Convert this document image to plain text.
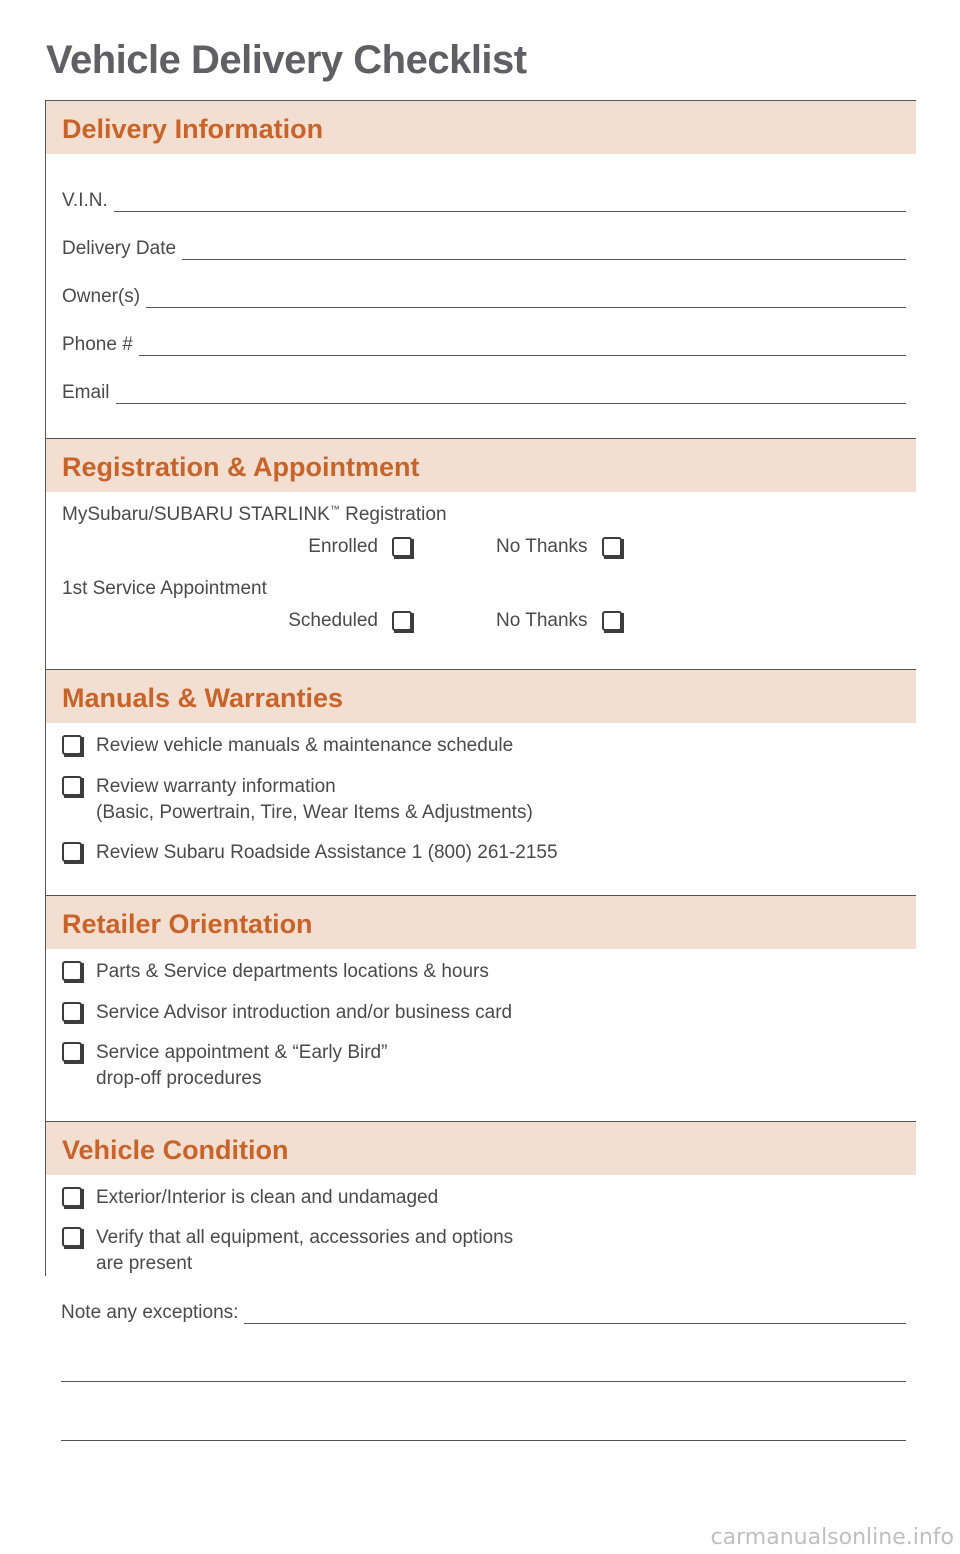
Vehicle Delivery Checklist
Delivery Information
V.I.N.
Delivery Date
Owner(s)
Phone #
Email
Registration & Appointment
MySubaru/SUBARU STARLINK™ Registration
Enrolled	No Thanks
1st Service Appointment
Scheduled	No Thanks
Manuals & Warranties
Review vehicle manuals & maintenance schedule
Review warranty information
(Basic, Powertrain, Tire, Wear Items & Adjustments)
Review Subaru Roadside Assistance 1 (800) 261-2155
Retailer Orientation
Parts & Service departments locations & hours
Service Advisor introduction and/or business card
Service appointment & “Early Bird”
drop-off procedures
Vehicle Condition
Exterior/Interior is clean and undamaged
Verify that all equipment, accessories and options
are present
Note any exceptions:
carmanualsonline.info
